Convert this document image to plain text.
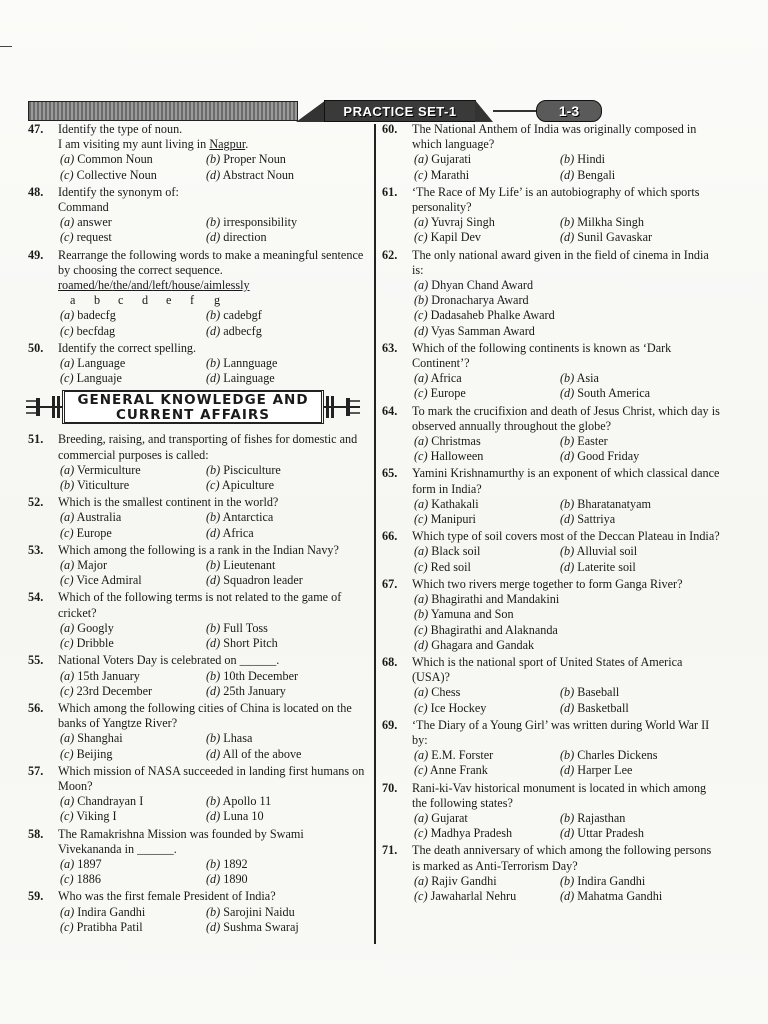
PRACTICE SET-1	1-3
47.	Identify the type of noun.
I am visiting my aunt living in Nagpur.
(a) Common Noun	(b) Proper Noun
(c) Collective Noun	(d) Abstract Noun
48.	Identify the synonym of:
Command
(a) answer	(b) irresponsibility
(c) request	(d) direction
49.	Rearrange the following words to make a meaningful sentence by choosing the correct sequence.
roamed/he/the/and/left/house/aimlessly
a	b	c	d	e	f	g
(a) badecfg	(b) cadebgf
(c) becfdag	(d) adbecfg
50.	Identify the correct spelling.
(a) Language	(b) Lannguage
(c) Languaje	(d) Lainguage
GENERAL KNOWLEDGE AND
CURRENT AFFAIRS
51.	Breeding, raising, and transporting of fishes for domestic and commercial purposes is called:
(a) Vermiculture	(b) Pisciculture
(b) Viticulture	(c) Apiculture
52.	Which is the smallest continent in the world?
(a) Australia	(b) Antarctica
(c) Europe	(d) Africa
53.	Which among the following is a rank in the Indian Navy?
(a) Major	(b) Lieutenant
(c) Vice Admiral	(d) Squadron leader
54.	Which of the following terms is not related to the game of cricket?
(a) Googly	(b) Full Toss
(c) Dribble	(d) Short Pitch
55.	National Voters Day is celebrated on ______.
(a) 15th January	(b) 10th December
(c) 23rd December	(d) 25th January
56.	Which among the following cities of China is located on the banks of Yangtze River?
(a) Shanghai	(b) Lhasa
(c) Beijing	(d) All of the above
57.	Which mission of NASA succeeded in landing first humans on Moon?
(a) Chandrayan I	(b) Apollo 11
(c) Viking I	(d) Luna 10
58.	The Ramakrishna Mission was founded by Swami Vivekananda in ______.
(a) 1897	(b) 1892
(c) 1886	(d) 1890
59.	Who was the first female President of India?
(a) Indira Gandhi	(b) Sarojini Naidu
(c) Pratibha Patil	(d) Sushma Swaraj
60.	The National Anthem of India was originally composed in which language?
(a) Gujarati	(b) Hindi
(c) Marathi	(d) Bengali
61.	‘The Race of My Life’ is an autobiography of which sports personality?
(a) Yuvraj Singh	(b) Milkha Singh
(c) Kapil Dev	(d) Sunil Gavaskar
62.	The only national award given in the field of cinema in India is:
(a) Dhyan Chand Award
(b) Dronacharya Award
(c) Dadasaheb Phalke Award
(d) Vyas Samman Award
63.	Which of the following continents is known as ‘Dark Continent’?
(a) Africa	(b) Asia
(c) Europe	(d) South America
64.	To mark the crucifixion and death of Jesus Christ, which day is observed annually throughout the globe?
(a) Christmas	(b) Easter
(c) Halloween	(d) Good Friday
65.	Yamini Krishnamurthy is an exponent of which classical dance form in India?
(a) Kathakali	(b) Bharatanatyam
(c) Manipuri	(d) Sattriya
66.	Which type of soil covers most of the Deccan Plateau in India?
(a) Black soil	(b) Alluvial soil
(c) Red soil	(d) Laterite soil
67.	Which two rivers merge together to form Ganga River?
(a) Bhagirathi and Mandakini
(b) Yamuna and Son
(c) Bhagirathi and Alaknanda
(d) Ghagara and Gandak
68.	Which is the national sport of United States of America (USA)?
(a) Chess	(b) Baseball
(c) Ice Hockey	(d) Basketball
69.	‘The Diary of a Young Girl’ was written during World War II by:
(a) E.M. Forster	(b) Charles Dickens
(c) Anne Frank	(d) Harper Lee
70.	Rani-ki-Vav historical monument is located in which among the following states?
(a) Gujarat	(b) Rajasthan
(c) Madhya Pradesh	(d) Uttar Pradesh
71.	The death anniversary of which among the following persons is marked as Anti-Terrorism Day?
(a) Rajiv Gandhi	(b) Indira Gandhi
(c) Jawaharlal Nehru	(d) Mahatma Gandhi
